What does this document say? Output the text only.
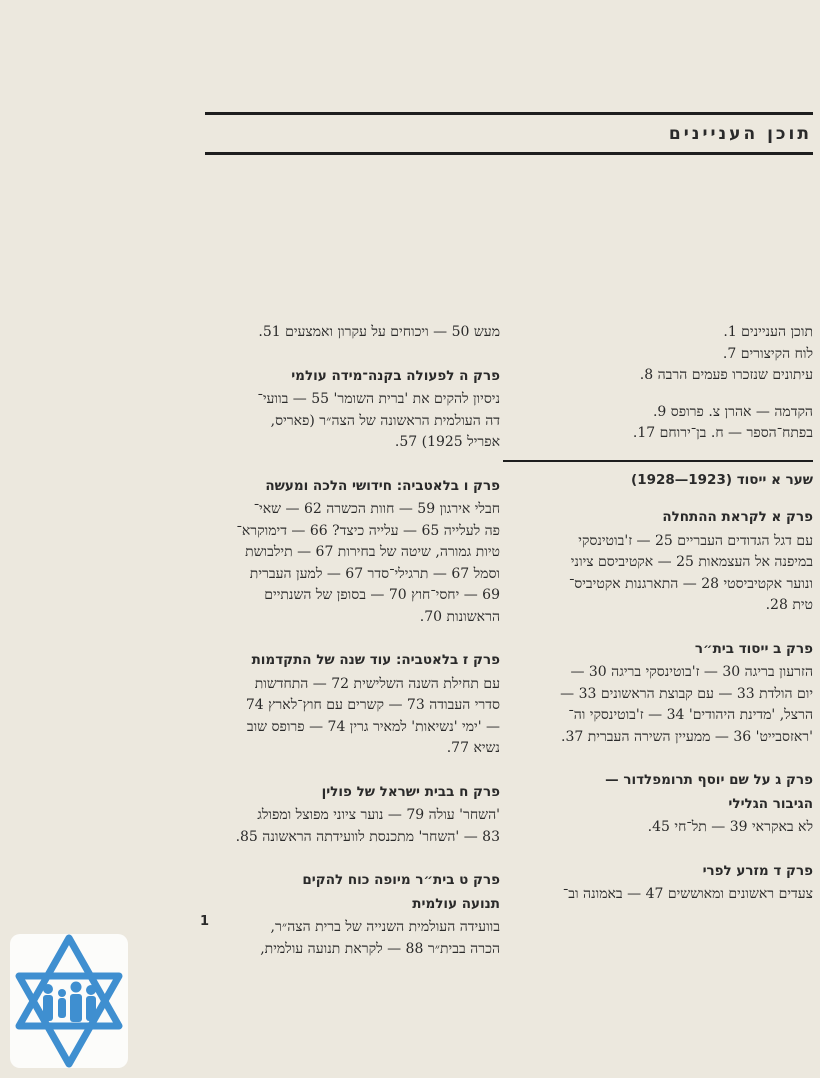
תוכן העניינים

תוכן העניינים 1.

לוח הקיצורים 7.

עיתונים שנזכרו פעמים הרבה 8.

הקדמה — אהרן צ. פרופס 9.

בפתח־הספר — ח. בן־ירוחם 17.

שער א ייסוד (1923—1928)
פרק א לקראת ההתחלה

עם דגל הגדודים העבריים 25 — ז'בוטינסקי

במיפנה אל העצמאות 25 — אקטיביסם ציוני

ונוער אקטיביסטי 28 — התארגנות אקטיביס־

טית 28.

פרק ב ייסוד בית״ר

הזרעון בריגה 30 — ז'בוטינסקי בריגה 30 —

יום הולדת 33 — עם קבוצת הראשונים 33 —

הרצל, 'מדינת היהודים' 34 — ז'בוטינסקי וה־

'ראזסבייט' 36 — ממעיין השירה העברית 37.

פרק ג על שם יוסף תרומפלדור —
הגיבור הגלילי

לא באקראי 39 — תל־חי 45.

פרק ד מזרע לפרי

צעדים ראשונים ומאוששים 47 — באמונה וב־

מעש 50 — ויכוחים על עקרון ואמצעים 51.

פרק ה לפעולה בקנה־מידה עולמי

ניסיון להקים את 'ברית השומר' 55 — בוועי־

דה העולמית הראשונה של הצה״ר (פאריס,

אפריל 1925) 57.

פרק ו בלאטביה: חידושי הלכה ומעשה

חבלי אירגון 59 — חוות הכשרה 62 — שאי־

פה לעלייה 65 — עלייה כיצד? 66 — דימוקרא־

טיות גמורה, שיטה של בחירות 67 — תילבושת

וסמל 67 — תרגילי־סדר 67 — למען העברית

69 — יחסי־חוץ 70 — בסופן של השנתיים

הראשונות 70.

פרק ז בלאטביה: עוד שנה של התקדמות

עם תחילת השנה השלישית 72 — התחדשות

סדרי העבודה 73 — קשרים עם חוץ־לארץ 74

— 'ימי 'נשיאות' למאיר גרין 74 — פרופס שוב

נשיא 77.

פרק ח בבית ישראל של פולין

'השחר' עולה 79 — נוער ציוני מפוצל ומפולג

83 — 'השחר' מתכנסת לוועידתה הראשונה 85.

פרק ט בית״ר מיופה כוח להקים
תנועה עולמית

בוועידה העולמית השנייה של ברית הצה״ר,

הכרה בבית״ר 88 — לקראת תנועה עולמית,

1
